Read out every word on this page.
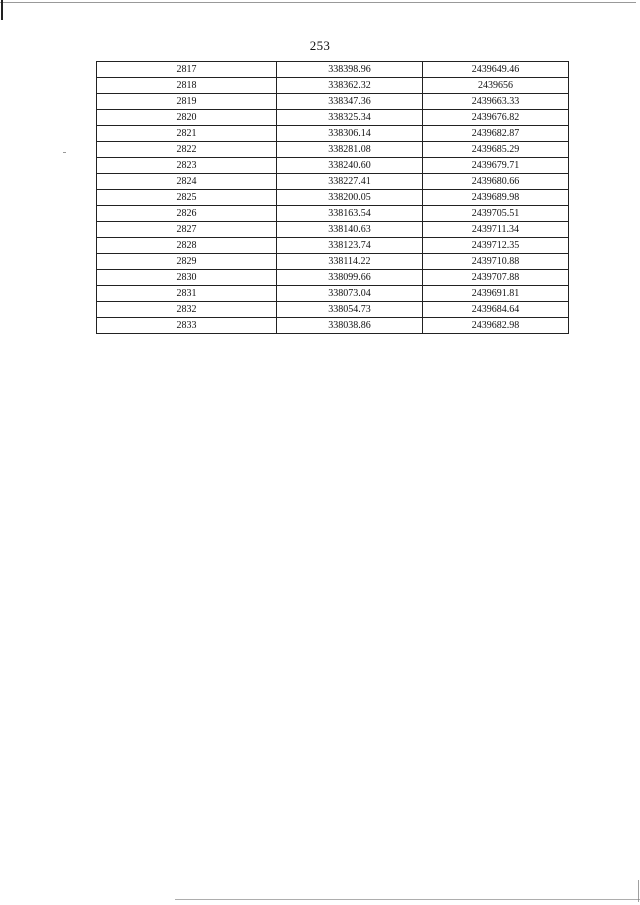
253
2817	338398.96	2439649.46
2818	338362.32	2439656
2819	338347.36	2439663.33
2820	338325.34	2439676.82
2821	338306.14	2439682.87
2822	338281.08	2439685.29
2823	338240.60	2439679.71
2824	338227.41	2439680.66
2825	338200.05	2439689.98
2826	338163.54	2439705.51
2827	338140.63	2439711.34
2828	338123.74	2439712.35
2829	338114.22	2439710.88
2830	338099.66	2439707.88
2831	338073.04	2439691.81
2832	338054.73	2439684.64
2833	338038.86	2439682.98
